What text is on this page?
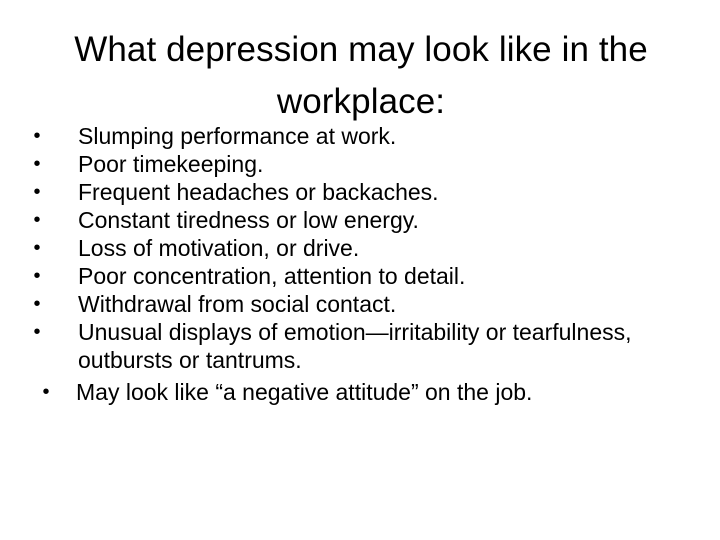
What depression may look like in the workplace:
• Slumping performance at work.
• Poor timekeeping.
• Frequent headaches or backaches.
• Constant tiredness or low energy.
• Loss of motivation, or drive.
• Poor concentration, attention to detail.
• Withdrawal from social contact.
• Unusual displays of emotion—irritability or tearfulness, outbursts or tantrums.
• May look like “a negative attitude” on the job.
